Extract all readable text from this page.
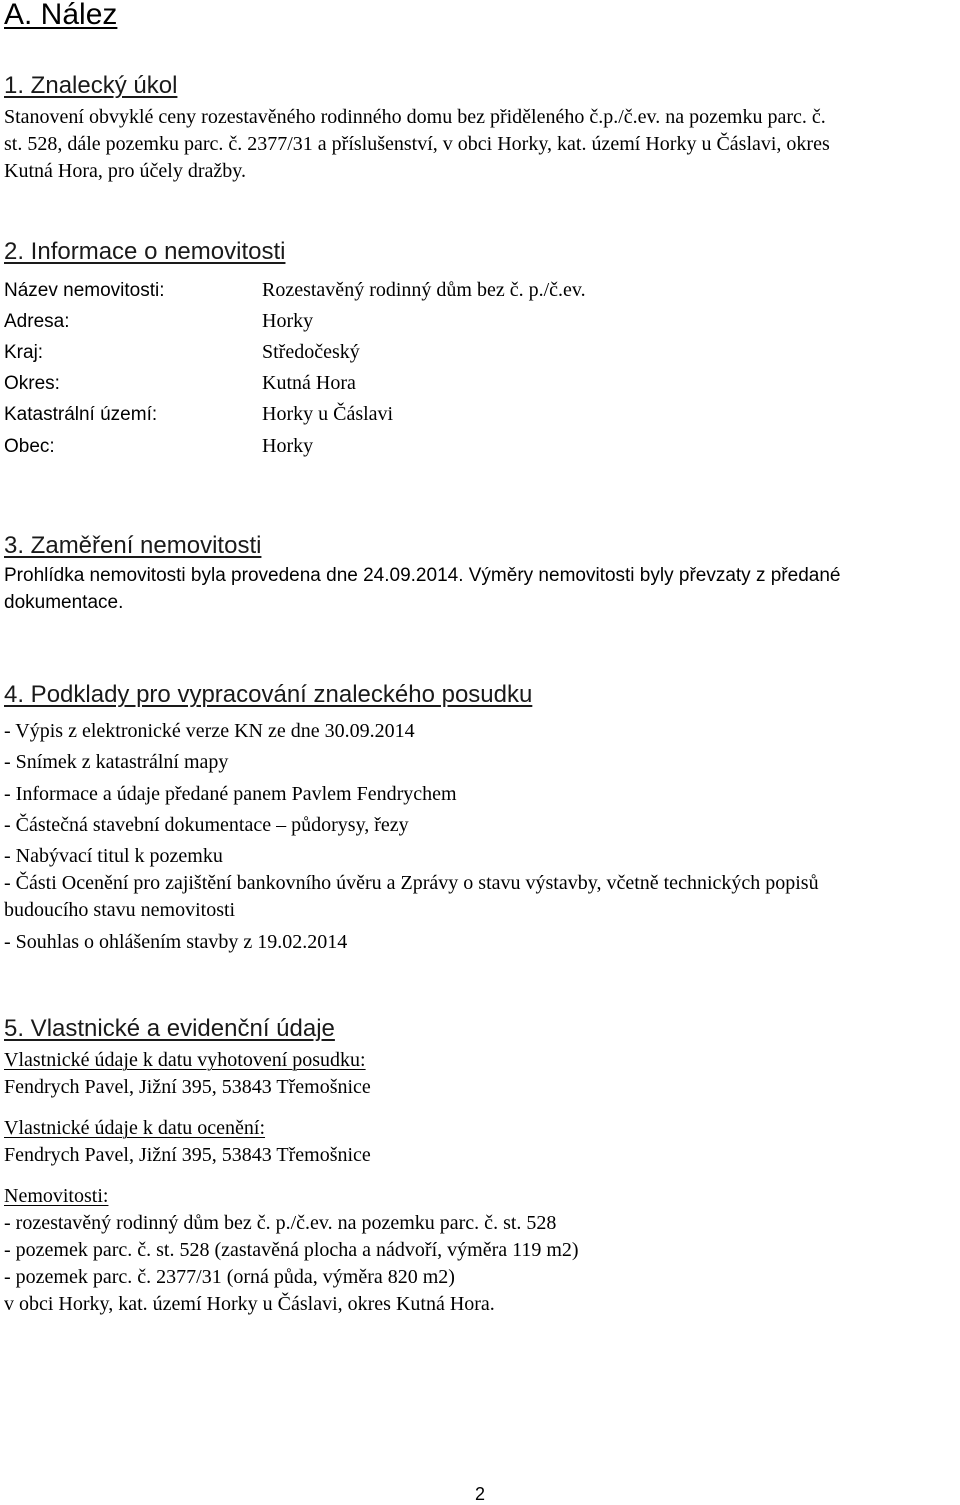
A. Nález
1. Znalecký úkol
Stanovení obvyklé ceny rozestavěného rodinného domu bez přiděleného č.p./č.ev. na pozemku parc. č.
st. 528, dále pozemku parc. č. 2377/31 a příslušenství, v obci Horky, kat. území Horky u Čáslavi, okres
Kutná Hora, pro účely dražby.
2. Informace o nemovitosti
Název nemovitosti:	Rozestavěný rodinný dům bez č. p./č.ev.
Adresa:	Horky
Kraj:	Středočeský
Okres:	Kutná Hora
Katastrální území:	Horky u Čáslavi
Obec:	Horky
3. Zaměření nemovitosti
Prohlídka nemovitosti byla provedena dne 24.09.2014. Výměry nemovitosti byly převzaty z předané
dokumentace.
4. Podklady pro vypracování znaleckého posudku
- Výpis z elektronické verze KN ze dne 30.09.2014
- Snímek z katastrální mapy
- Informace a údaje předané panem Pavlem Fendrychem
- Částečná stavební dokumentace – půdorysy, řezy
- Nabývací titul k pozemku
- Části Ocenění pro zajištění bankovního úvěru a Zprávy o stavu výstavby, včetně technických popisů
budoucího stavu nemovitosti
- Souhlas o ohlášením stavby z 19.02.2014
5. Vlastnické a evidenční údaje
Vlastnické údaje k datu vyhotovení posudku:
Fendrych Pavel, Jižní 395, 53843 Třemošnice
Vlastnické údaje k datu ocenění:
Fendrych Pavel, Jižní 395, 53843 Třemošnice
Nemovitosti:
- rozestavěný rodinný dům bez č. p./č.ev. na pozemku parc. č. st. 528
- pozemek parc. č. st. 528 (zastavěná plocha a nádvoří, výměra 119 m2)
- pozemek parc. č. 2377/31 (orná půda, výměra 820 m2)
v obci Horky, kat. území Horky u Čáslavi, okres Kutná Hora.
2
